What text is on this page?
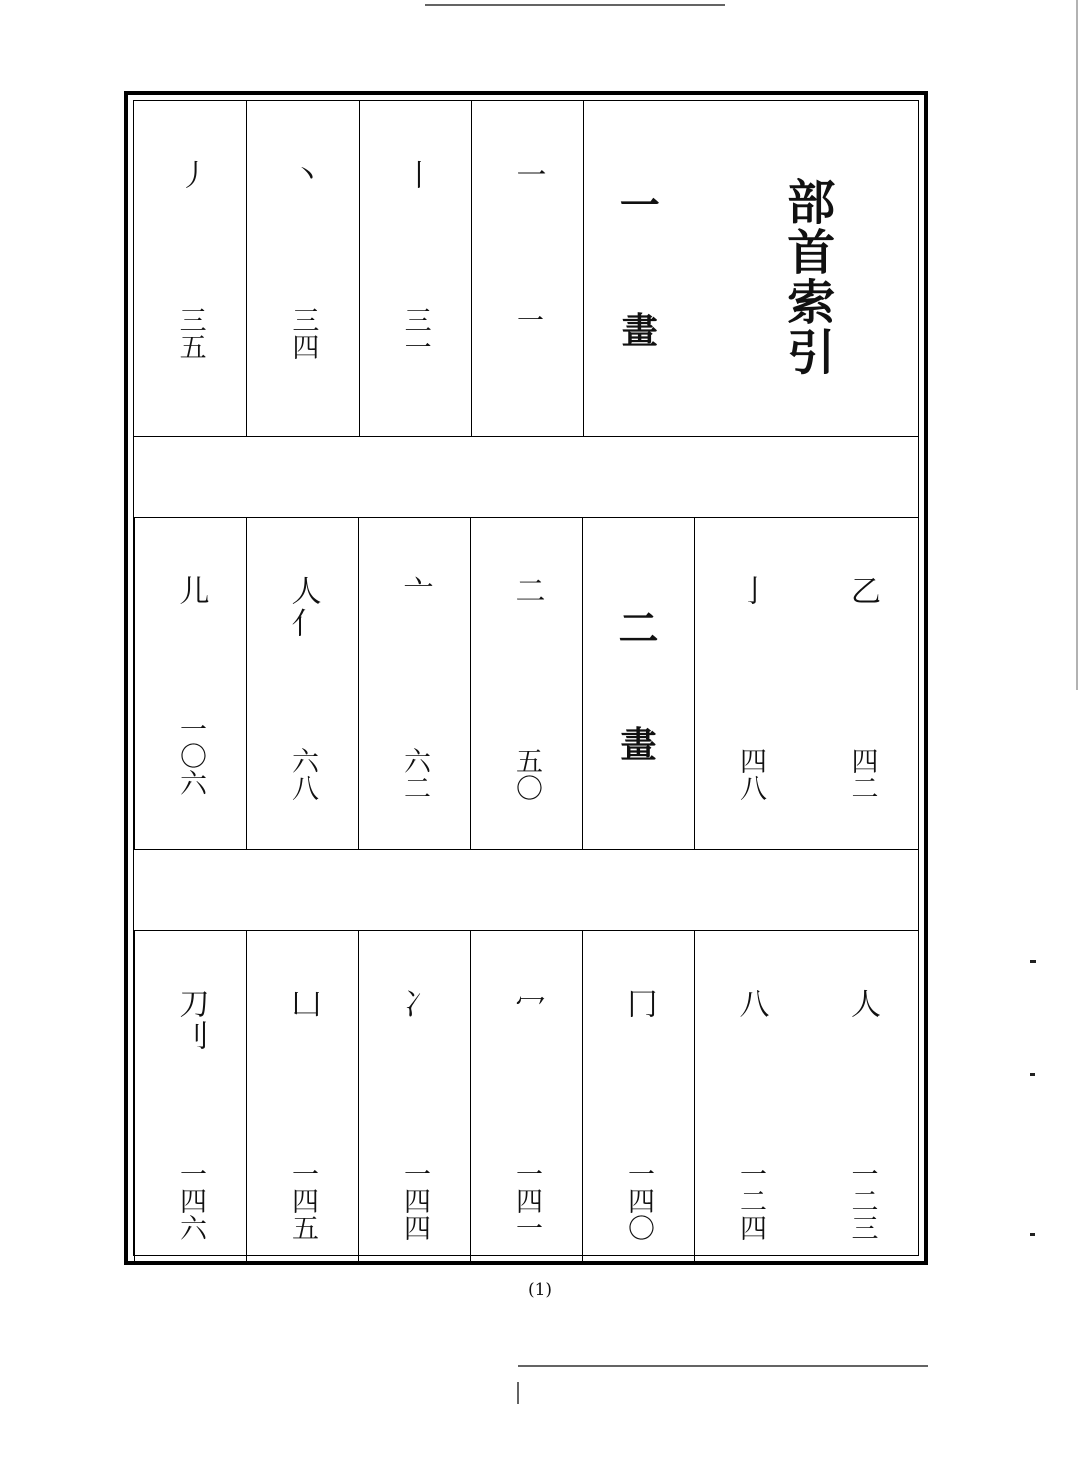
部首索引
一
畫
一
一
丨
三一
丶
三四
丿
三五
乙
四二
亅
四八
二
畫
二
五〇
亠
六二
人亻
六八
儿
一〇六
人
一二三
八
一二四
冂
一四〇
冖
一四一
冫
一四四
凵
一四五
刀刂
一四六
(1)
